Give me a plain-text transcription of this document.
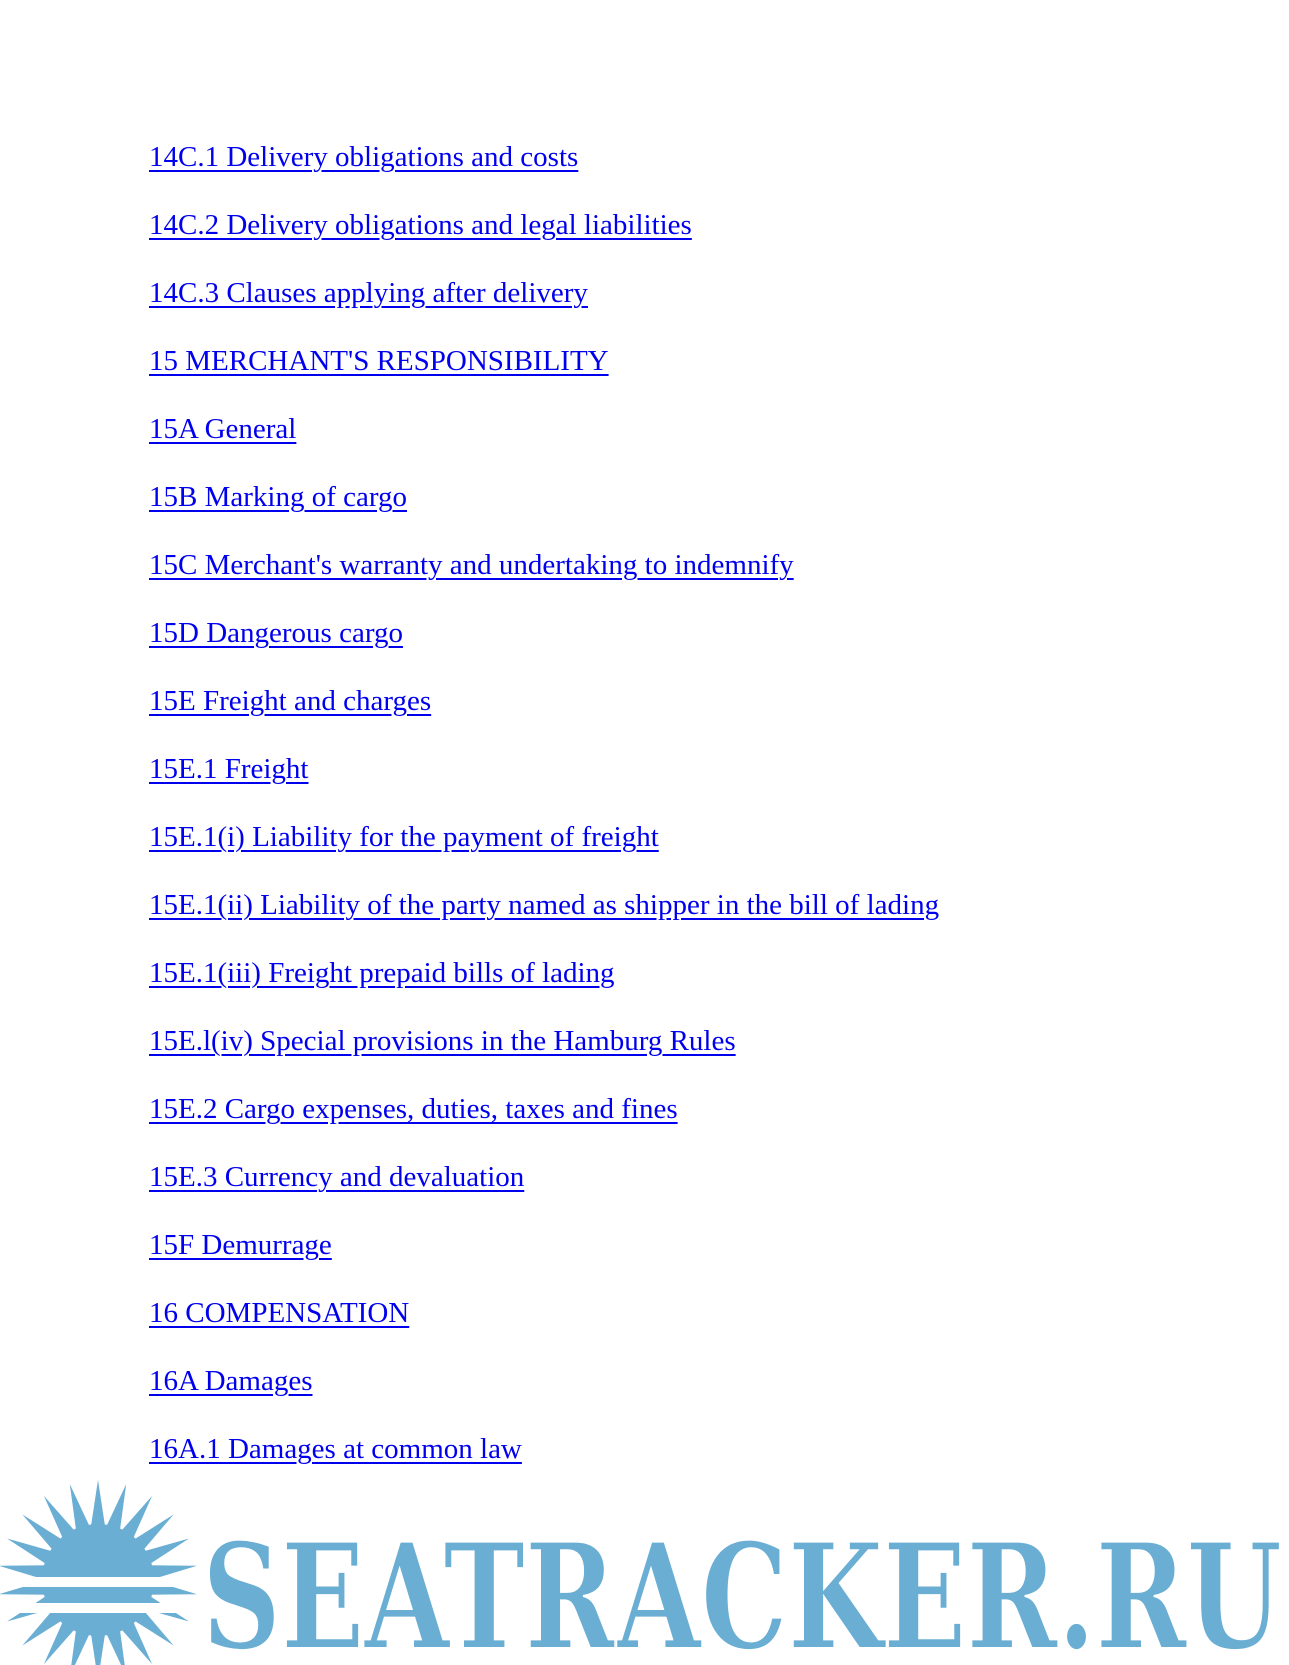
14C.1 Delivery obligations and costs
14C.2 Delivery obligations and legal liabilities
14C.3 Clauses applying after delivery
15 MERCHANT'S RESPONSIBILITY
15A General
15B Marking of cargo
15C Merchant's warranty and undertaking to indemnify
15D Dangerous cargo
15E Freight and charges
15E.1 Freight
15E.1(i) Liability for the payment of freight
15E.1(ii) Liability of the party named as shipper in the bill of lading
15E.1(iii) Freight prepaid bills of lading
15E.l(iv) Special provisions in the Hamburg Rules
15E.2 Cargo expenses, duties, taxes and fines
15E.3 Currency and devaluation
15F Demurrage
16 COMPENSATION
16A Damages
16A.1 Damages at common law
SEATRACKER.RU
